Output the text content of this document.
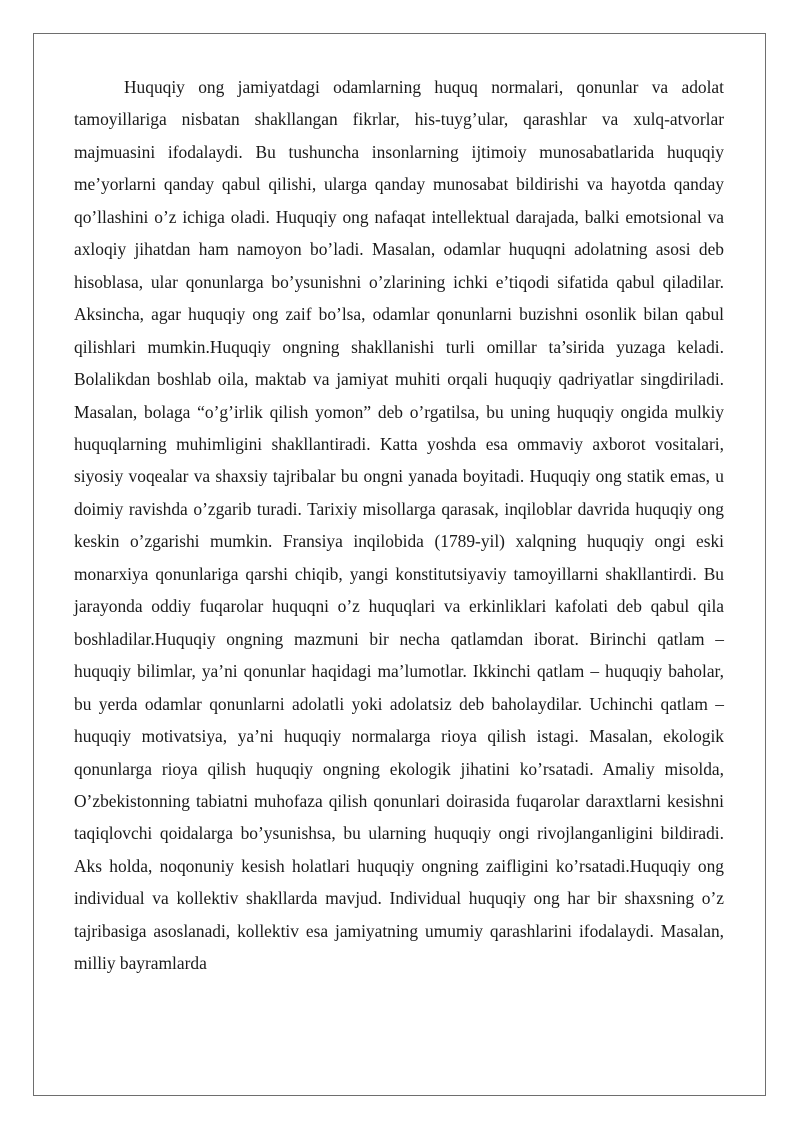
Huquqiy ong jamiyatdagi odamlarning huquq normalari, qonunlar va adolat tamoyillariga nisbatan shakllangan fikrlar, his-tuyg’ular, qarashlar va xulq-atvorlar majmuasini ifodalaydi. Bu tushuncha insonlarning ijtimoiy munosabatlarida huquqiy me’yorlarni qanday qabul qilishi, ularga qanday munosabat bildirishi va hayotda qanday qo’llashini o’z ichiga oladi. Huquqiy ong nafaqat intellektual darajada, balki emotsional va axloqiy jihatdan ham namoyon bo’ladi. Masalan, odamlar huquqni adolatning asosi deb hisoblasa, ular qonunlarga bo’ysunishni o’zlarining ichki e’tiqodi sifatida qabul qiladilar. Aksincha, agar huquqiy ong zaif bo’lsa, odamlar qonunlarni buzishni osonlik bilan qabul qilishlari mumkin.Huquqiy ongning shakllanishi turli omillar ta’sirida yuzaga keladi. Bolalikdan boshlab oila, maktab va jamiyat muhiti orqali huquqiy qadriyatlar singdiriladi. Masalan, bolaga “o’g’irlik qilish yomon” deb o’rgatilsa, bu uning huquqiy ongida mulkiy huquqlarning muhimligini shakllantiradi. Katta yoshda esa ommaviy axborot vositalari, siyosiy voqealar va shaxsiy tajribalar bu ongni yanada boyitadi. Huquqiy ong statik emas, u doimiy ravishda o’zgarib turadi. Tarixiy misollarga qarasak, inqiloblar davrida huquqiy ong keskin o’zgarishi mumkin. Fransiya inqilobida (1789-yil) xalqning huquqiy ongi eski monarxiya qonunlariga qarshi chiqib, yangi konstitutsiyaviy tamoyillarni shakllantirdi. Bu jarayonda oddiy fuqarolar huquqni o’z huquqlari va erkinliklari kafolati deb qabul qila boshladilar.Huquqiy ongning mazmuni bir necha qatlamdan iborat. Birinchi qatlam – huquqiy bilimlar, ya’ni qonunlar haqidagi ma’lumotlar. Ikkinchi qatlam – huquqiy baholar, bu yerda odamlar qonunlarni adolatli yoki adolatsiz deb baholaydilar. Uchinchi qatlam – huquqiy motivatsiya, ya’ni huquqiy normalarga rioya qilish istagi. Masalan, ekologik qonunlarga rioya qilish huquqiy ongning ekologik jihatini ko’rsatadi. Amaliy misolda, O’zbekistonning tabiatni muhofaza qilish qonunlari doirasida fuqarolar daraxtlarni kesishni taqiqlovchi qoidalarga bo’ysunishsa, bu ularning huquqiy ongi rivojlanganligini bildiradi. Aks holda, noqonuniy kesish holatlari huquqiy ongning zaifligini ko’rsatadi.Huquqiy ong individual va kollektiv shakllarda mavjud. Individual huquqiy ong har bir shaxsning o’z tajribasiga asoslanadi, kollektiv esa jamiyatning umumiy qarashlarini ifodalaydi. Masalan, milliy bayramlarda
